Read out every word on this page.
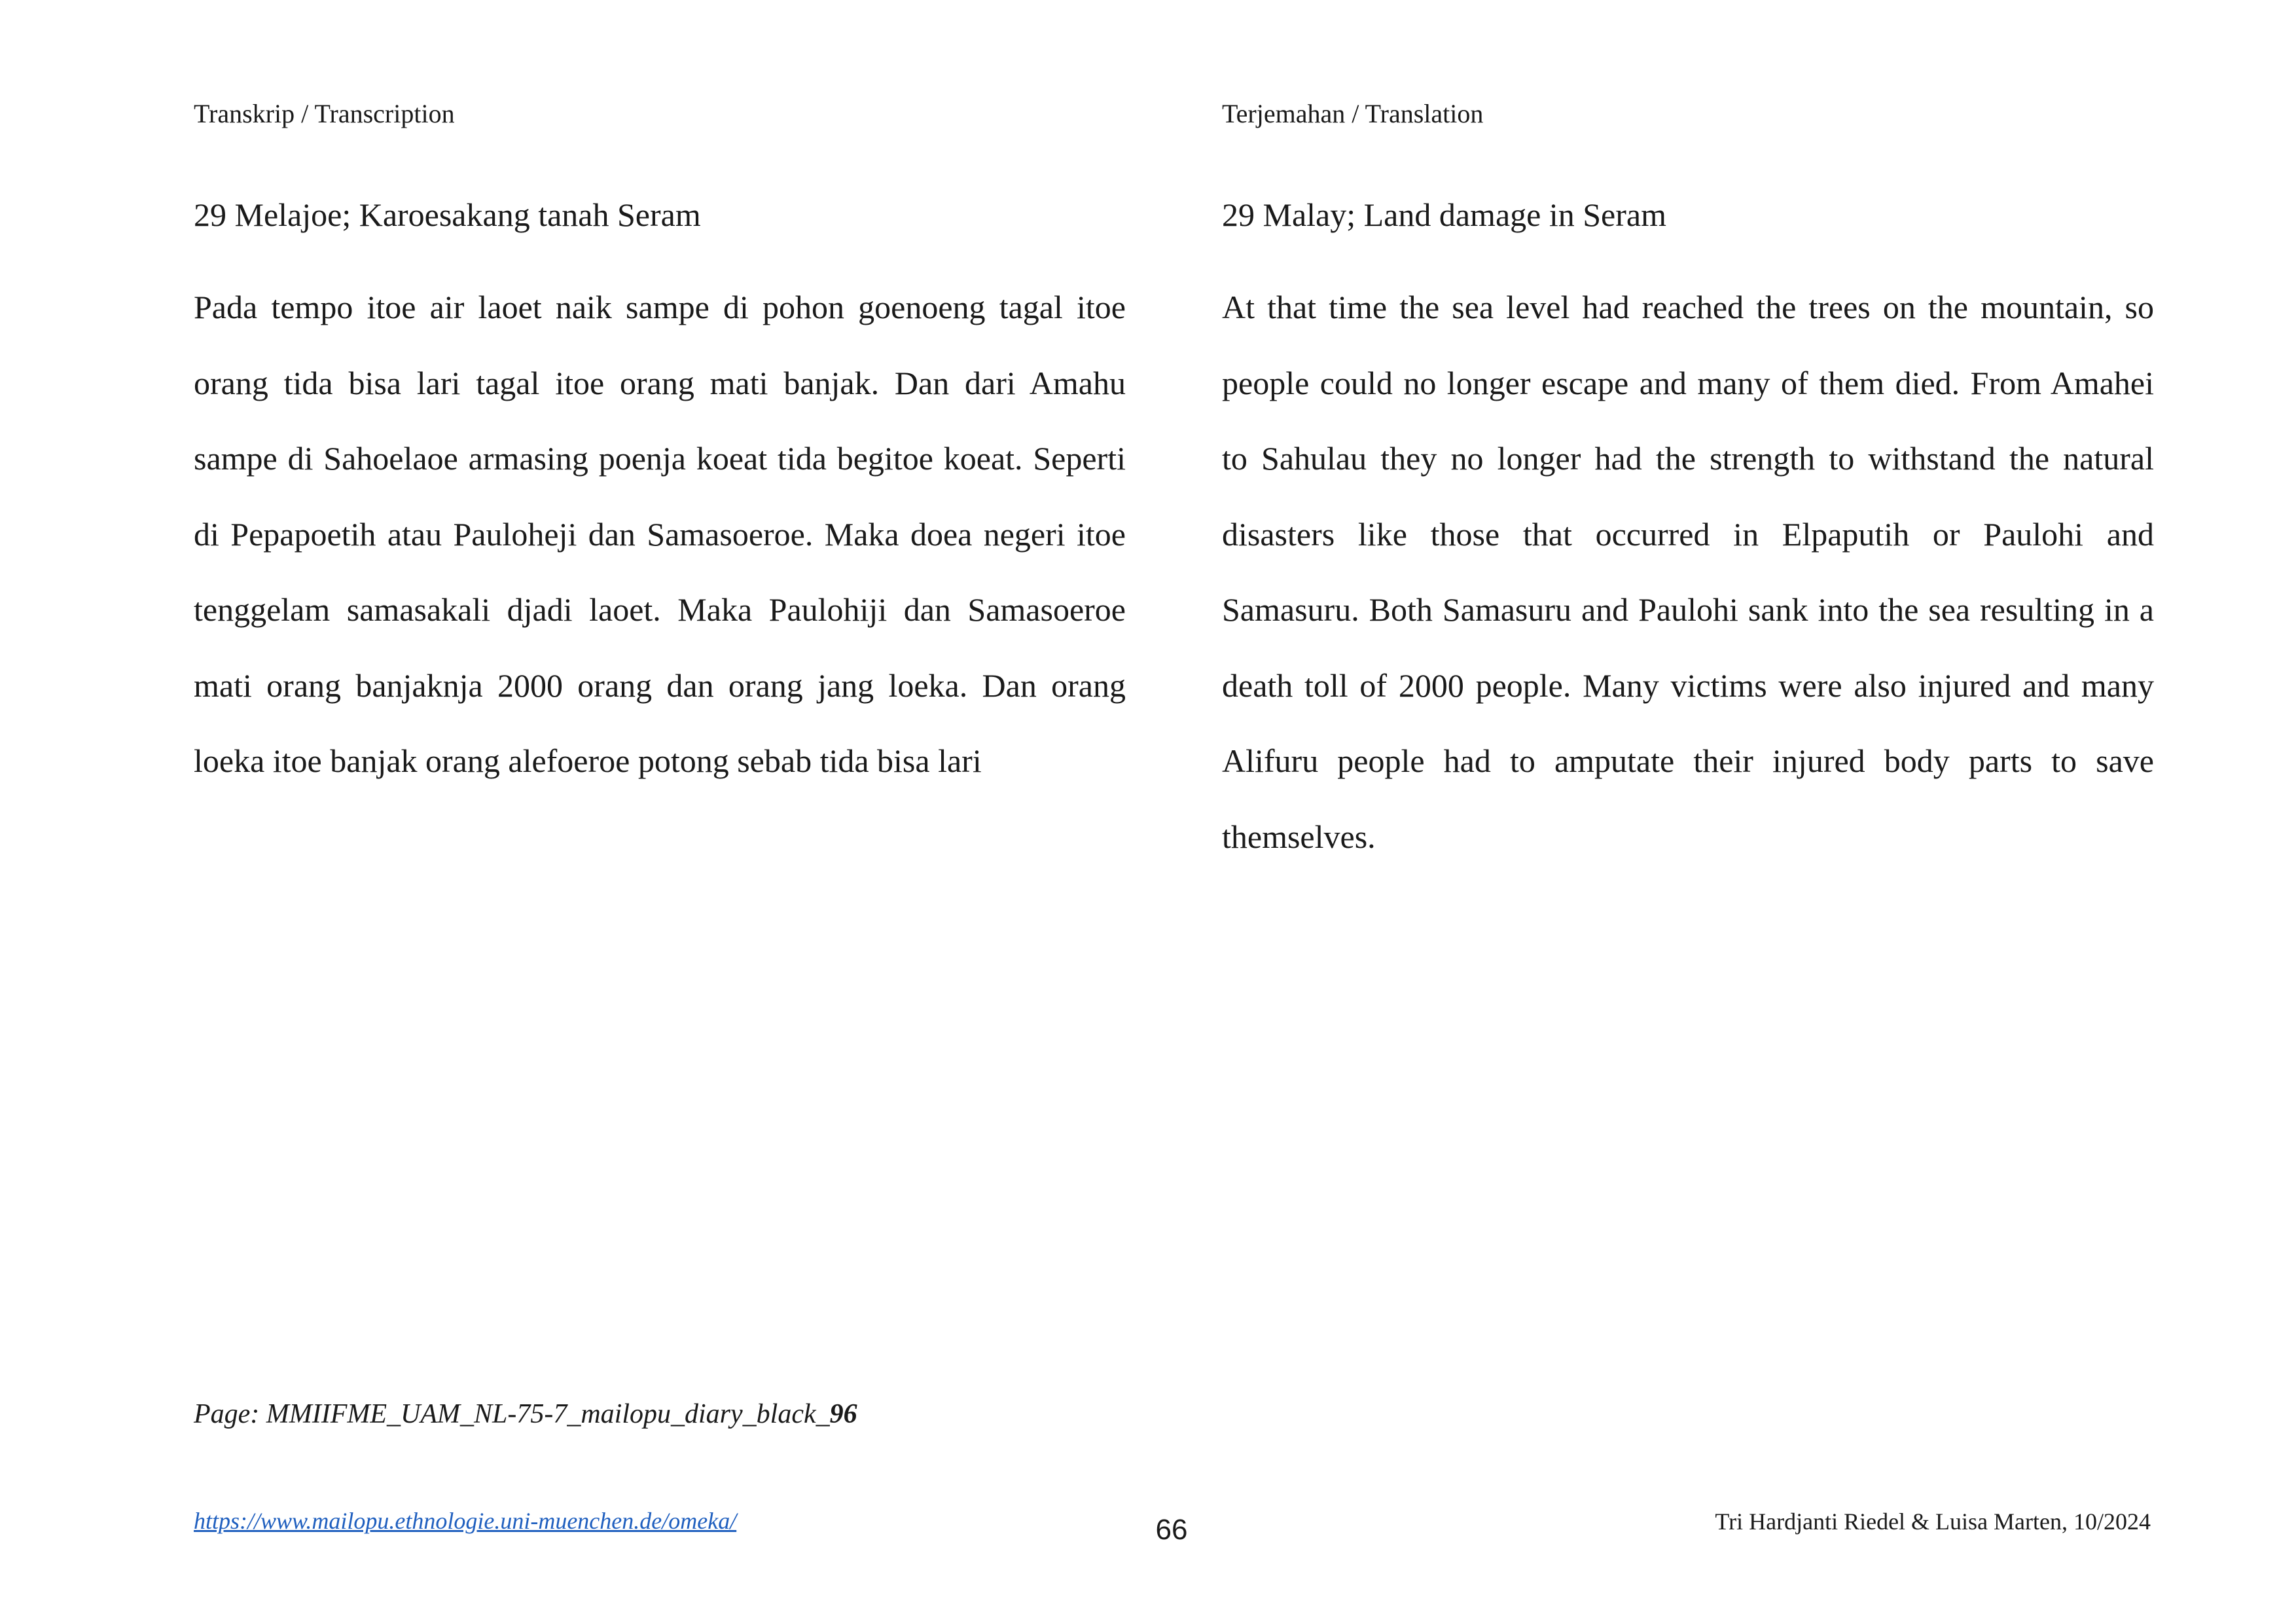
Transkrip / Transcription
29 Melajoe; Karoesakang tanah Seram
Pada tempo itoe air laoet naik sampe di pohon goenoeng tagal itoe orang tida bisa lari tagal itoe orang mati banjak. Dan dari Amahu sampe di Sahoelaoe armasing poenja koeat tida begitoe koeat. Seperti di Pepapoetih atau Pauloheji dan Samasoeroe. Maka doea negeri itoe tenggelam samasakali djadi laoet. Maka Paulohiji dan Samasoeroe mati orang banjaknja 2000 orang dan orang jang loeka. Dan orang loeka itoe banjak orang alefoeroe potong sebab tida bisa lari
Terjemahan / Translation
29 Malay; Land damage in Seram
At that time the sea level had reached the trees on the mountain, so people could no longer escape and many of them died. From Amahei to Sahulau they no longer had the strength to withstand the natural disasters like those that occurred in Elpaputih or Paulohi and Samasuru. Both Samasuru and Paulohi sank into the sea resulting in a death toll of 2000 people. Many victims were also injured and many Alifuru people had to amputate their injured body parts to save themselves.
Page: MMIIFME_UAM_NL-75-7_mailopu_diary_black_96
https://www.mailopu.ethnologie.uni-muenchen.de/omeka/	66	Tri Hardjanti Riedel & Luisa Marten, 10/2024
